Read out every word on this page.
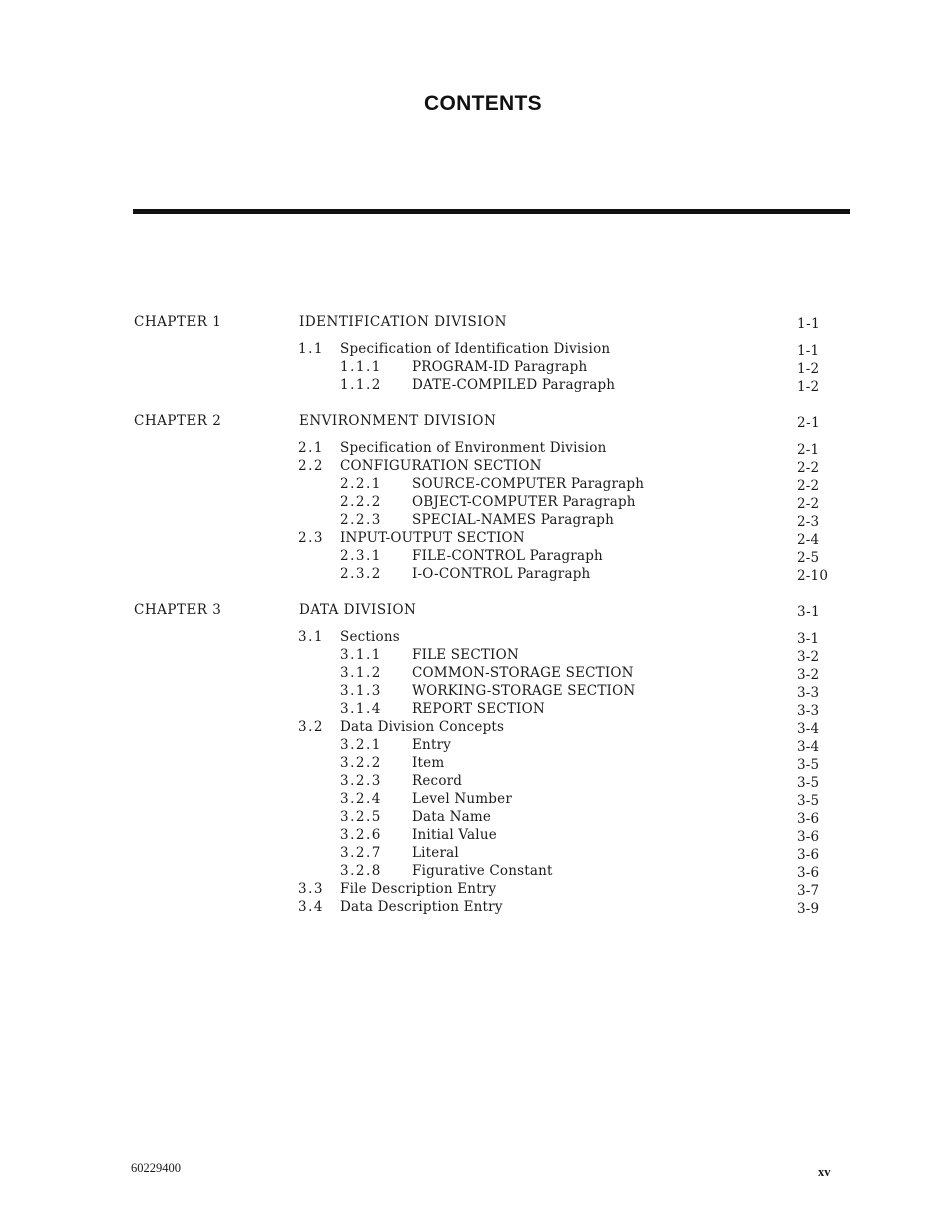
CONTENTS
CHAPTER 1	IDENTIFICATION DIVISION	1-1
1.1 Specification of Identification Division	1-1
1.1.1 PROGRAM-ID Paragraph	1-2
1.1.2 DATE-COMPILED Paragraph	1-2
CHAPTER 2	ENVIRONMENT DIVISION	2-1
2.1 Specification of Environment Division	2-1
2.2 CONFIGURATION SECTION	2-2
2.2.1 SOURCE-COMPUTER Paragraph	2-2
2.2.2 OBJECT-COMPUTER Paragraph	2-2
2.2.3 SPECIAL-NAMES Paragraph	2-3
2.3 INPUT-OUTPUT SECTION	2-4
2.3.1 FILE-CONTROL Paragraph	2-5
2.3.2 I-O-CONTROL Paragraph	2-10
CHAPTER 3	DATA DIVISION	3-1
3.1 Sections	3-1
3.1.1 FILE SECTION	3-2
3.1.2 COMMON-STORAGE SECTION	3-2
3.1.3 WORKING-STORAGE SECTION	3-3
3.1.4 REPORT SECTION	3-3
3.2 Data Division Concepts	3-4
3.2.1 Entry	3-4
3.2.2 Item	3-5
3.2.3 Record	3-5
3.2.4 Level Number	3-5
3.2.5 Data Name	3-6
3.2.6 Initial Value	3-6
3.2.7 Literal	3-6
3.2.8 Figurative Constant	3-6
3.3 File Description Entry	3-7
3.4 Data Description Entry	3-9
60229400	xv
